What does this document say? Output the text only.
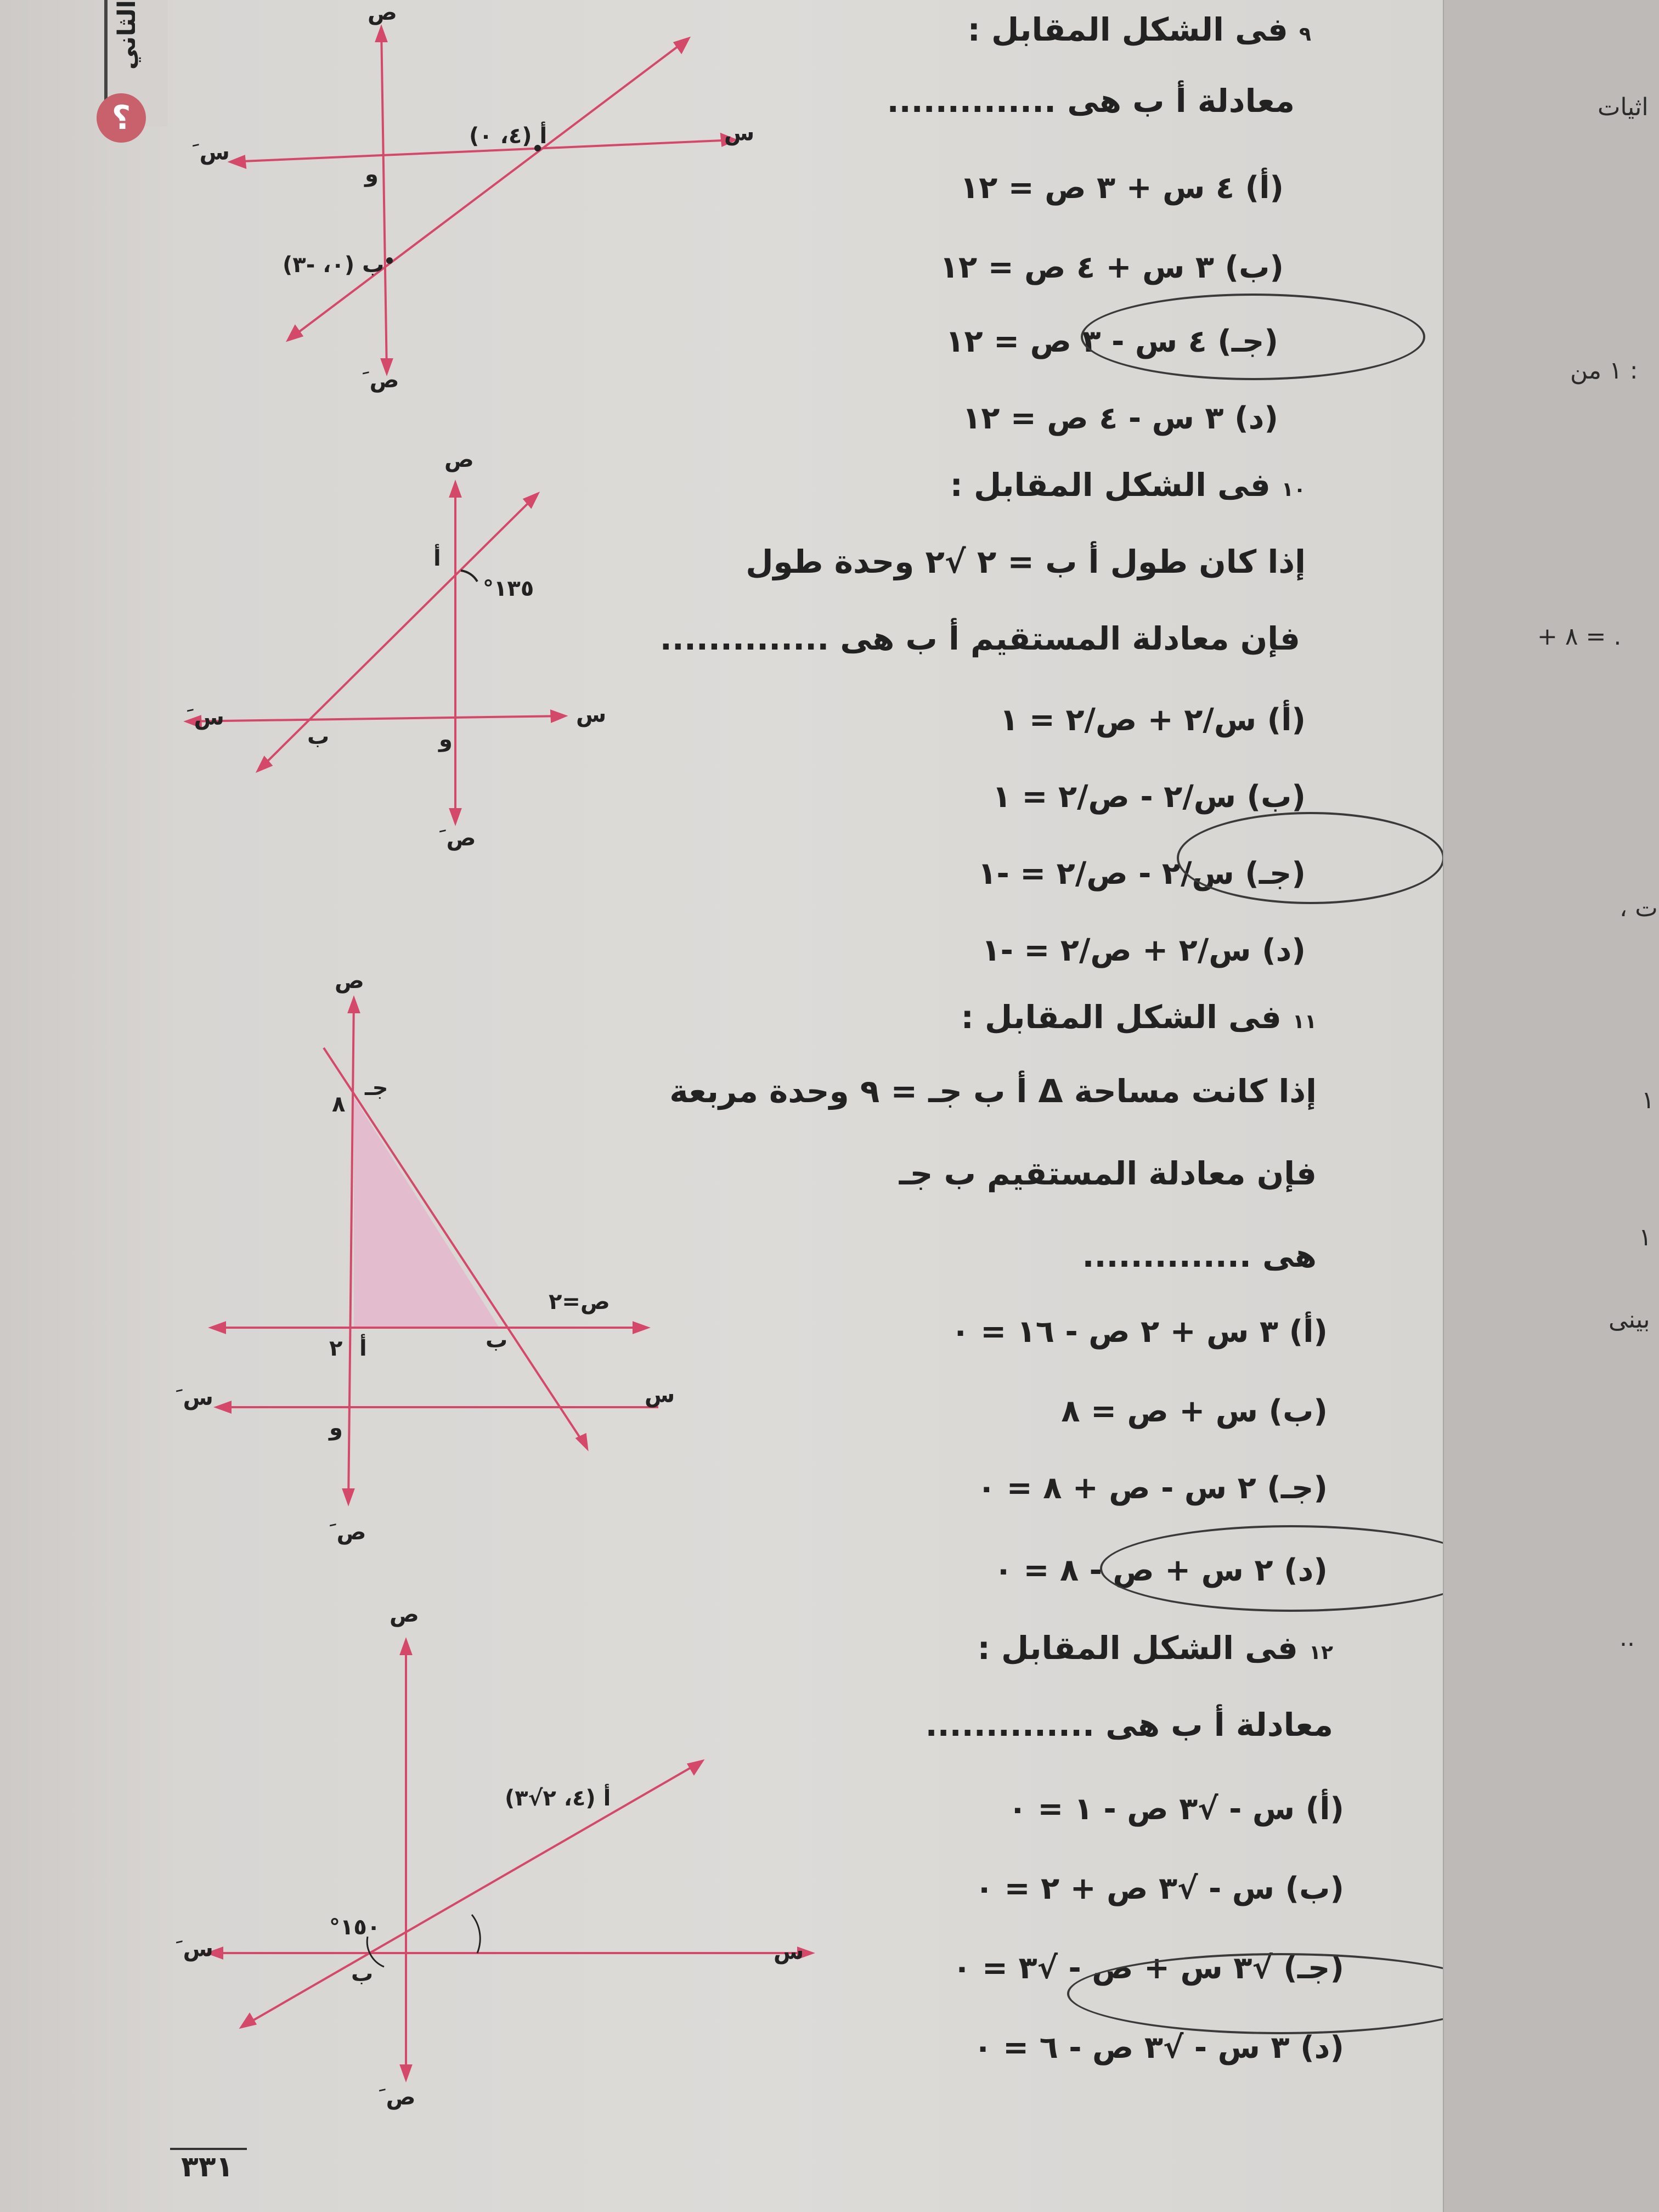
الثاني
؟	س
س َ
ص
ص َ
و
أ (٤، ٠)
ب (٠، -٣)
س
س َ
ص
ص َ
و
أ
ب
١٣٥°
س
س َ
ص
ص َ
و
أ	ب
جـ
٨
٢
ص=٢
س
س َ
ص
ص َ
أ (٤، ٢√٣)
ب
١٥٠°
٩ فى الشكل المقابل :
معادلة أ ب هى ..............
(أ) ٤ س + ٣ ص = ١٢
(ب) ٣ س + ٤ ص = ١٢
(جـ) ٤ س - ٣ ص = ١٢
(د) ٣ س - ٤ ص = ١٢
١٠ فى الشكل المقابل :
إذا كان طول أ ب = ٢ √٢ وحدة طول
فإن معادلة المستقيم أ ب هى ..............
(أ) س/٢ + ص/٢ = ١
(ب) س/٢ - ص/٢ = ١
(جـ) س/٢ - ص/٢ = -١
(د) س/٢ + ص/٢ = -١
١١ فى الشكل المقابل :
إذا كانت مساحة Δ أ ب جـ = ٩ وحدة مربعة
فإن معادلة المستقيم ب جـ
هى ..............
(أ) ٣ س + ٢ ص - ١٦ = ٠
(ب) س + ص = ٨
(جـ) ٢ س - ص + ٨ = ٠
(د) ٢ س + ص - ٨ = ٠
١٢ فى الشكل المقابل :
معادلة أ ب هى ..............
(أ) س - √٣ ص - ١ = ٠
(ب) س - √٣ ص + ٢ = ٠
(جـ) √٣ س + ص - √٣ = ٠
(د) ٣ س - √٣ ص - ٦ = ٠
٣٣١
اثيات
: ١ من
. = ٨ +
ت ،
١
١
بينى
..
